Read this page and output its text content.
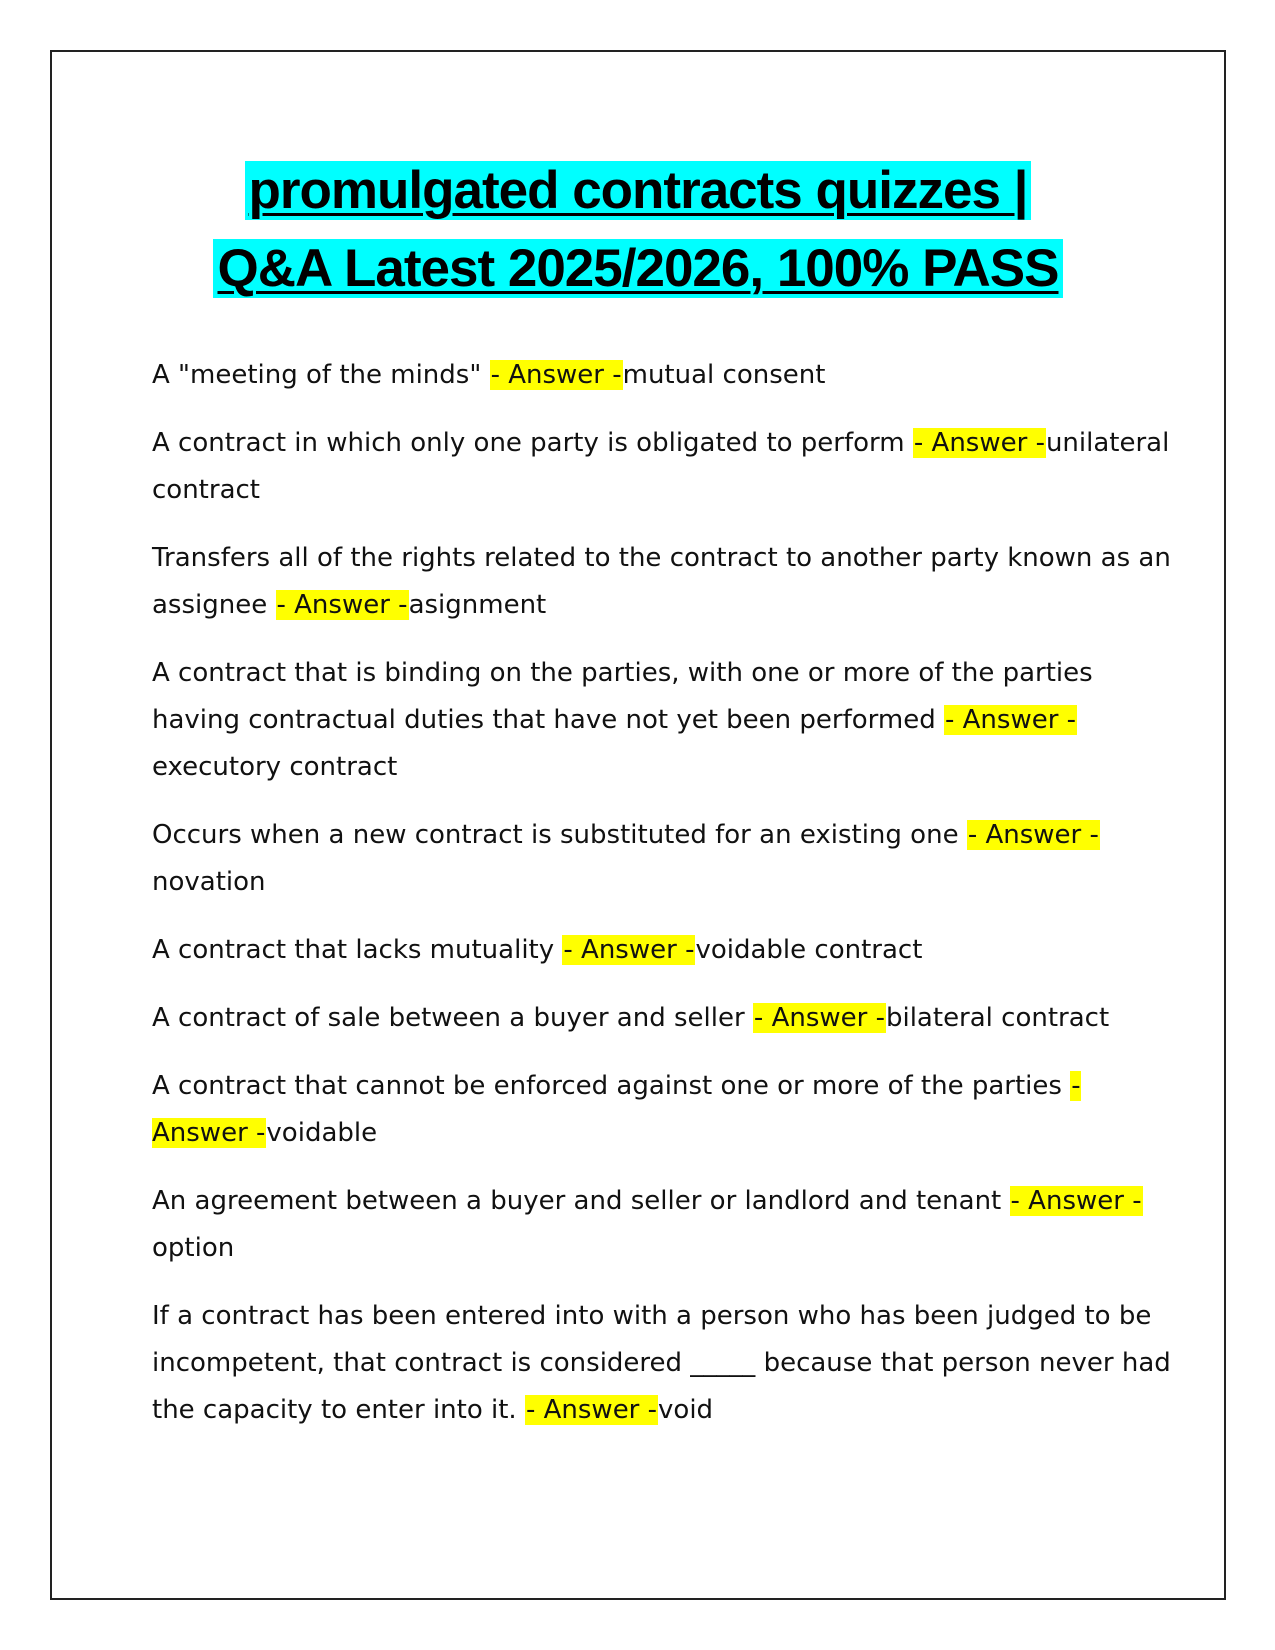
promulgated contracts quizzes |
Q&A Latest 2025/2026, 100% PASS

A "meeting of the minds" - Answer -mutual consent

A contract in which only one party is obligated to perform - Answer -unilateral contract

Transfers all of the rights related to the contract to another party known as an assignee - Answer -asignment

A contract that is binding on the parties, with one or more of the parties having contractual duties that have not yet been performed - Answer -executory contract

Occurs when a new contract is substituted for an existing one - Answer -novation

A contract that lacks mutuality - Answer -voidable contract

A contract of sale between a buyer and seller - Answer -bilateral contract

A contract that cannot be enforced against one or more of the parties - Answer -voidable

An agreement between a buyer and seller or landlord and tenant - Answer -option

If a contract has been entered into with a person who has been judged to be incompetent, that contract is considered _____ because that person never had the capacity to enter into it. - Answer -void
